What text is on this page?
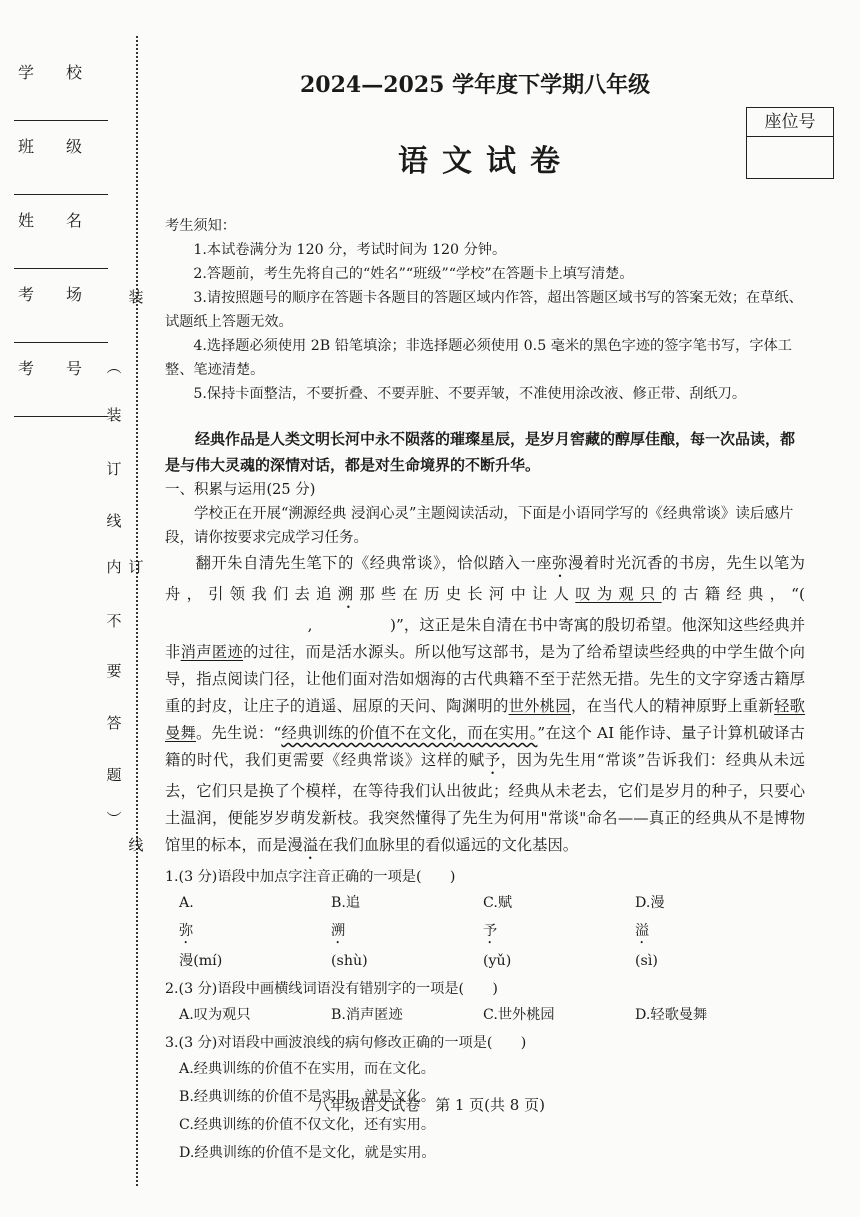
学 校
班 级
姓 名
考 场
考 号
装
︵
装
订
线
内 订
不
要
答
题
︶
线
2024—2025 学年度下学期八年级
语文试卷
座位号

考生须知：

1.本试卷满分为 120 分，考试时间为 120 分钟。

2.答题前，考生先将自己的“姓名”“班级”“学校”在答题卡上填写清楚。

3.请按照题号的顺序在答题卡各题目的答题区域内作答，超出答题区域书写的答案无效；在草纸、试题纸上答题无效。

4.选择题必须使用 2B 铅笔填涂；非选择题必须使用 0.5 毫米的黑色字迹的签字笔书写，字体工整、笔迹清楚。

5.保持卡面整洁，不要折叠、不要弄脏、不要弄皱，不准使用涂改液、修正带、刮纸刀。

经典作品是人类文明长河中永不陨落的璀璨星辰，是岁月窖藏的醇厚佳酿，每一次品读，都是与伟大灵魂的深情对话，都是对生命境界的不断升华。

一、积累与运用(25 分)

学校正在开展“溯源经典 浸润心灵”主题阅读活动，下面是小语同学写的《经典常谈》读后感片段，请你按要求完成学习任务。

翻开朱自清先生笔下的《经典常谈》，恰似踏入一座弥漫着时光沉香的书房，先生以笔为舟，引领我们去追溯那些在历史长河中让人叹为观只的古籍经典，“(,	)”，这正是朱自清在书中寄寓的殷切希望。他深知这些经典并非消声匿迹的过往，而是活水源头。所以他写这部书，是为了给希望读些经典的中学生做个向导，指点阅读门径，让他们面对浩如烟海的古代典籍不至于茫然无措。先生的文字穿透古籍厚重的封皮，让庄子的逍遥、屈原的天问、陶渊明的世外桃园，在当代人的精神原野上重新轻歌曼舞。先生说：“经典训练的价值不在文化，而在实用。”在这个 AI 能作诗、量子计算机破译古籍的时代，我们更需要《经典常谈》这样的赋予，因为先生用“常谈”告诉我们：经典从未远去，它们只是换了个模样，在等待我们认出彼此；经典从未老去，它们是岁月的种子，只要心土温润，便能岁岁萌发新枝。我突然懂得了先生为何用"常谈"命名——真正的经典从不是博物馆里的标本，而是漫溢在我们血脉里的看似遥远的文化基因。

1.(3 分)语段中加点字注音正确的一项是(　　)

A.弥漫(mí)
B.追溯(shù)
C.赋予(yǔ)
D.漫溢(sì)

2.(3 分)语段中画横线词语没有错别字的一项是(　　)

A.叹为观只	B.消声匿迹	C.世外桃园	D.轻歌曼舞

3.(3 分)对语段中画波浪线的病句修改正确的一项是(　　)

A.经典训练的价值不在实用，而在文化。
B.经典训练的价值不是实用，就是文化。
C.经典训练的价值不仅文化，还有实用。
D.经典训练的价值不是文化，就是实用。
八年级语文试卷　第 1 页(共 8 页)
